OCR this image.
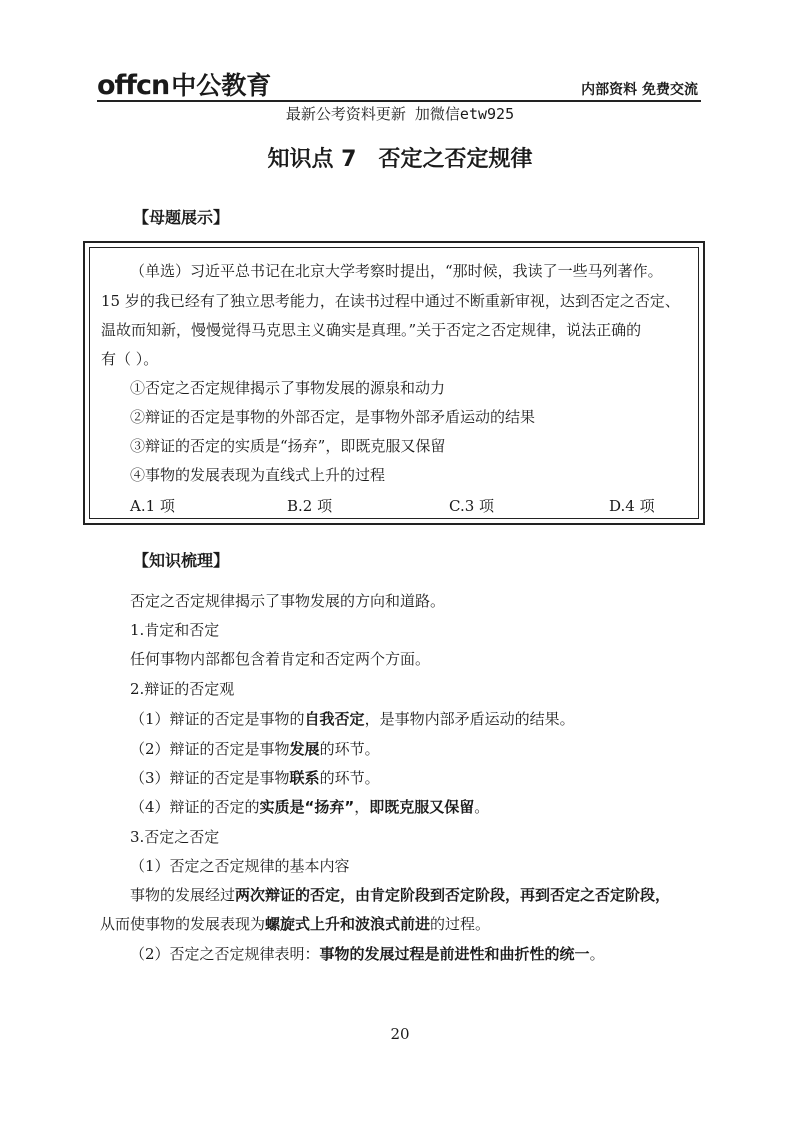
offcn 中公教育	内部资料 免费交流
最新公考资料更新 加微信etw925
知识点 7　否定之否定规律
【母题展示】
（单选）习近平总书记在北京大学考察时提出，“那时候，我读了一些马列著作。
15 岁的我已经有了独立思考能力，在读书过程中通过不断重新审视，达到否定之否定、
温故而知新，慢慢觉得马克思主义确实是真理。”关于否定之否定规律，说法正确的
有（ ）。
①否定之否定规律揭示了事物发展的源泉和动力
②辩证的否定是事物的外部否定，是事物外部矛盾运动的结果
③辩证的否定的实质是“扬弃”，即既克服又保留
④事物的发展表现为直线式上升的过程
A.1 项	B.2 项	C.3 项	D.4 项
【知识梳理】
否定之否定规律揭示了事物发展的方向和道路。
1.肯定和否定
任何事物内部都包含着肯定和否定两个方面。
2.辩证的否定观
（1）辩证的否定是事物的自我否定，是事物内部矛盾运动的结果。
（2）辩证的否定是事物发展的环节。
（3）辩证的否定是事物联系的环节。
（4）辩证的否定的实质是“扬弃”，即既克服又保留。
3.否定之否定
（1）否定之否定规律的基本内容
事物的发展经过两次辩证的否定，由肯定阶段到否定阶段，再到否定之否定阶段，
从而使事物的发展表现为螺旋式上升和波浪式前进的过程。
（2）否定之否定规律表明：事物的发展过程是前进性和曲折性的统一。
20
